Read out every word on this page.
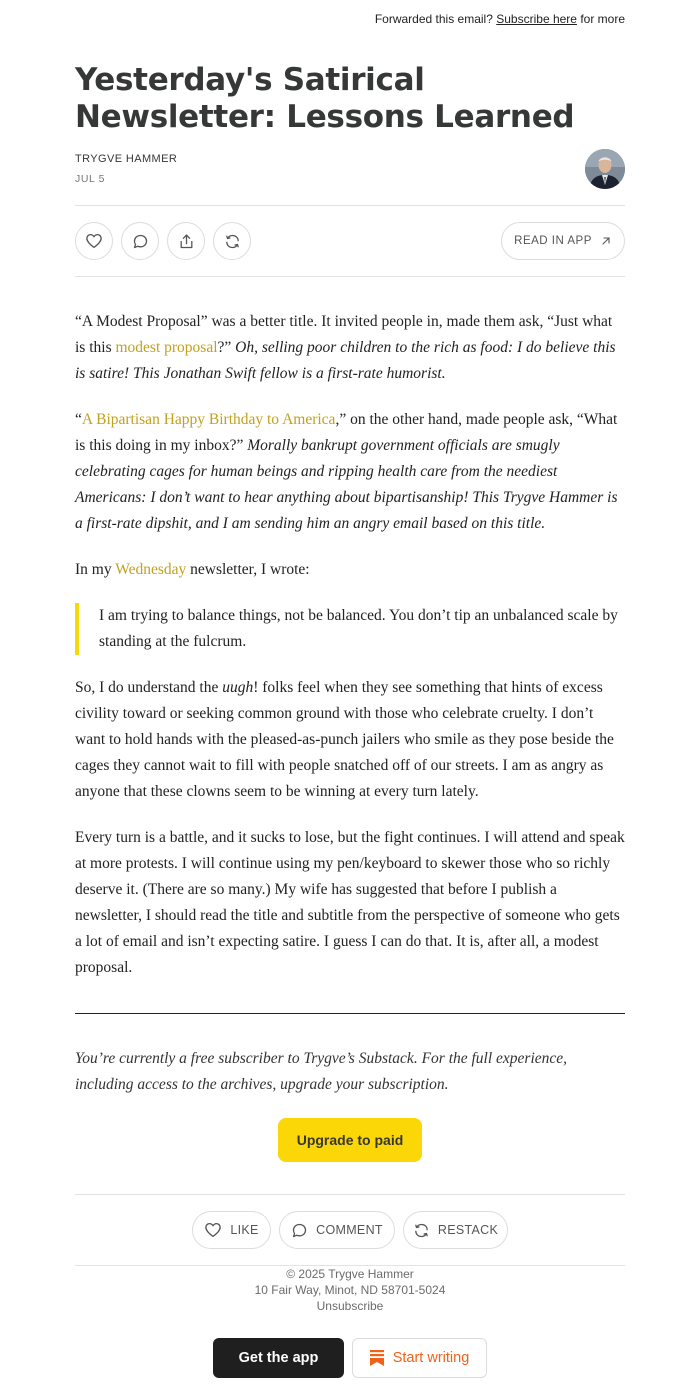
Forwarded this email? Subscribe here for more
Yesterday's Satirical Newsletter: Lessons Learned
TRYGVE HAMMER
JUL 5
READ IN APP

“A Modest Proposal” was a better title. It invited people in, made them ask, “Just what is this modest proposal?” Oh, selling poor children to the rich as food: I do believe this is satire! This Jonathan Swift fellow is a first-rate humorist.

“A Bipartisan Happy Birthday to America,” on the other hand, made people ask, “What is this doing in my inbox?” Morally bankrupt government officials are smugly celebrating cages for human beings and ripping health care from the neediest Americans: I don’t want to hear anything about bipartisanship! This Trygve Hammer is a first-rate dipshit, and I am sending him an angry email based on this title.

In my Wednesday newsletter, I wrote:

I am trying to balance things, not be balanced. You don’t tip an unbalanced scale by standing at the fulcrum.

So, I do understand the uugh! folks feel when they see something that hints of excess civility toward or seeking common ground with those who celebrate cruelty. I don’t want to hold hands with the pleased-as-punch jailers who smile as they pose beside the cages they cannot wait to fill with people snatched off of our streets. I am as angry as anyone that these clowns seem to be winning at every turn lately.

Every turn is a battle, and it sucks to lose, but the fight continues. I will attend and speak at more protests. I will continue using my pen/keyboard to skewer those who so richly deserve it. (There are so many.) My wife has suggested that before I publish a newsletter, I should read the title and subtitle from the perspective of someone who gets a lot of email and isn’t expecting satire. I guess I can do that. It is, after all, a modest proposal.

You’re currently a free subscriber to Trygve’s Substack. For the full experience, including access to the archives, upgrade your subscription.
Upgrade to paid
LIKE	COMMENT	RESTACK
© 2025 Trygve Hammer
10 Fair Way, Minot, ND 58701-5024
Unsubscribe
Get the app	Start writing
